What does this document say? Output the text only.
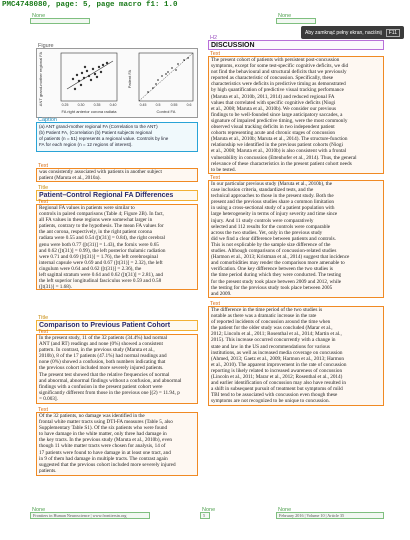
PMC4748080, page: 5, page macro f1: 1.0
Aby zamknąć pełny ekran, naciśnij	F11
None	None
Figure
ANT grand-mother regional FA	0.25	0.30	0.35	0.40
FA right anterior corona radiata
Patient FA
0.45	0.5	0.55	0.6
Control FA
Caption
(a) ANT grand-mother regional FA (Correlation to the ANT)
(b) Patient FA, (Correlation (b) Patient subjects regional
of patients (n = 51) represents a regional value. Controls by line
FA for each region (n = 12 regions of interest).
Text
was consistently associated with patients in another subject
patient (Maruta et al., 2010a).
Title
Patient–Control Regional FA Differences
Text
Regional FA values in patients were similar to
controls in paired comparisons (Table 4; Figure 2B). In fact,
all FA values in these regions were somewhat larger in
patients, contrary to the hypothesis. The mean FA values for
the ant corona, respectively, in the right patient corona
radiata were 0.55 and 0.54 ([t(31)] = 0.84), the right cerebral
genu were both 0.77 ([t(31)] = 1.43), the fornix were 0.65
and 0.62 ([t(31)] = 0.99), the left posterior thalamic radiation
were 0.71 and 0.69 ([t(31)] = 1.76), the left cerebrospinal
internal capsule were 0.69 and 0.67 ([t(31)] = 2.32), the left
cingulum were 0.64 and 0.62 ([t(31)] = 2.36), the
left sagittal stratum were 0.64 and 0.62 ([t(31)] = 2.81), and
the left superior longitudinal fasciculus were 0.59 and 0.58
([t(31)] = 1.68).
Title
Comparison to Previous Patient Cohort
Text
In the present study, 11 of the 32 patients (34.4%) had normal
ANT (and RT) readings and none (0%) showed a consistent
pattern. In contrast, in the previous study (Maruta et al.,
2010b), 8 of the 17 patients (47.1%) had normal readings and
none (0%) showed a confusion, both numbers indicating that
the previous cohort included more severely injured patients.
The present test showed that the relative frequencies of normal
and abnormal, abnormal findings without a confusion, and abnormal
findings with a confusion in the present patient cohort were
significantly different from those in the previous one [(2) = 11.94, p
= 0.003].
Text
Of the 32 patients, no damage was identified in the
frontal white matter tracts using DTI-FA measures (Table 5, also
Supplementary Table S1). Of the six patients who were found
to have damage in the white matter, only three had damage in
the key tracts. In the previous study (Maruta et al., 2010b), even
though 11 white matter tracts were chosen for analysis, 14 of
17 patients were found to have damage in at least one tract, and
in 9 of them had damage in multiple tracts. The contrast again
suggested that the previous cohort included more severely injured
patients.
H2
DISCUSSION
Text
The present cohort of patients with persistent post-concussion
symptoms, except for some test-specific cognitive deficits, we did
not find the behavioural and structural deficits that we previously
reported as characteristic of concussion. Specifically, these
characteristics were deficits in predictive timing as demonstrated
by high quantification of predictive visual tracking performance
(Maruta et al., 2010b, 2011, 2014) and reduced regional FA
values that correlated with specific cognitive deficits (Niogi
et al., 2008; Maruta et al., 2010b). We consider our previous
findings to be well-founded since large anticipatory saccades, a
signature of impaired predictive timing, were the most commonly
observed visual tracking deficits in two independent patient
cohorts representing acute and chronic stages of concussion
(Maruta et al., 2010b; Maruta et al., 2014). The structure-function
relationship we identified in the previous patient cohorts (Niogi
et al., 2008; Maruta et al., 2010b) is also consistent with a frontal
vulnerability in concussion (Ettenhofer et al., 2014). Thus, the general
relevance of these characteristics in the present patient cohort needs
to be tested.
Text
In our particular previous study (Maruta et al., 2010b), the
case inclusion criteria, standardized tests, and the
technical approaches to those in the present study. Both the
present and the previous studies share a common limitation
in using a cross-sectional study of a patient population with
large heterogeneity in terms of injury severity and time since
injury. And 11 study controls were comparatively
selected and 112 results for the controls were comparable
across the two studies. Yet, only in the previous study
did we find a clear difference between patients and controls.
This is not explicable by the sample size difference of the
studies. Although comparisons of concussion-related studies
(Harmon et al., 2013; Kristman et al., 2014) suggest that incidence
and comorbidities may render the comparison more amenable to
verification. One key difference between the two studies is
the time period during which they were conducted. The testing
for the present study took place between 2009 and 2012, while
the testing for the previous study took place between 2005
and 2009.
Text
The difference in the time period of the two studies is
notable as there was a dramatic increase in the rate
of reported incidents of concussion around the time when
the patient for the older study was concluded (Marar et al.,
2012; Lincoln et al., 2011; Rosenthal et al., 2014; Martin et al.,
2015). This increase occurred concurrently with a change in
state and law in the US and recommendations for various
institutions, as well as increased media coverage on concussion
(Ahmed, 2013; Gaetz et al., 2009; Harmon et al., 2013; Harmon
et al., 2010). The apparent improvement in the rate of concussion
reporting is likely related to increased awareness of concussion
(Lincoln et al., 2011; Marar et al., 2012; Rosenthal et al., 2014)
and earlier identification of concussion may also have resulted in
a shift in subsequent pursuit of treatment but symptoms of mild
TBI tend to be associated with concussion even though these
symptoms are not recognized to be unique to concussion.
None
Frontiers in Human Neuroscience | www.frontiersin.org
None
5
None
February 2016 | Volume 10 | Article 35
